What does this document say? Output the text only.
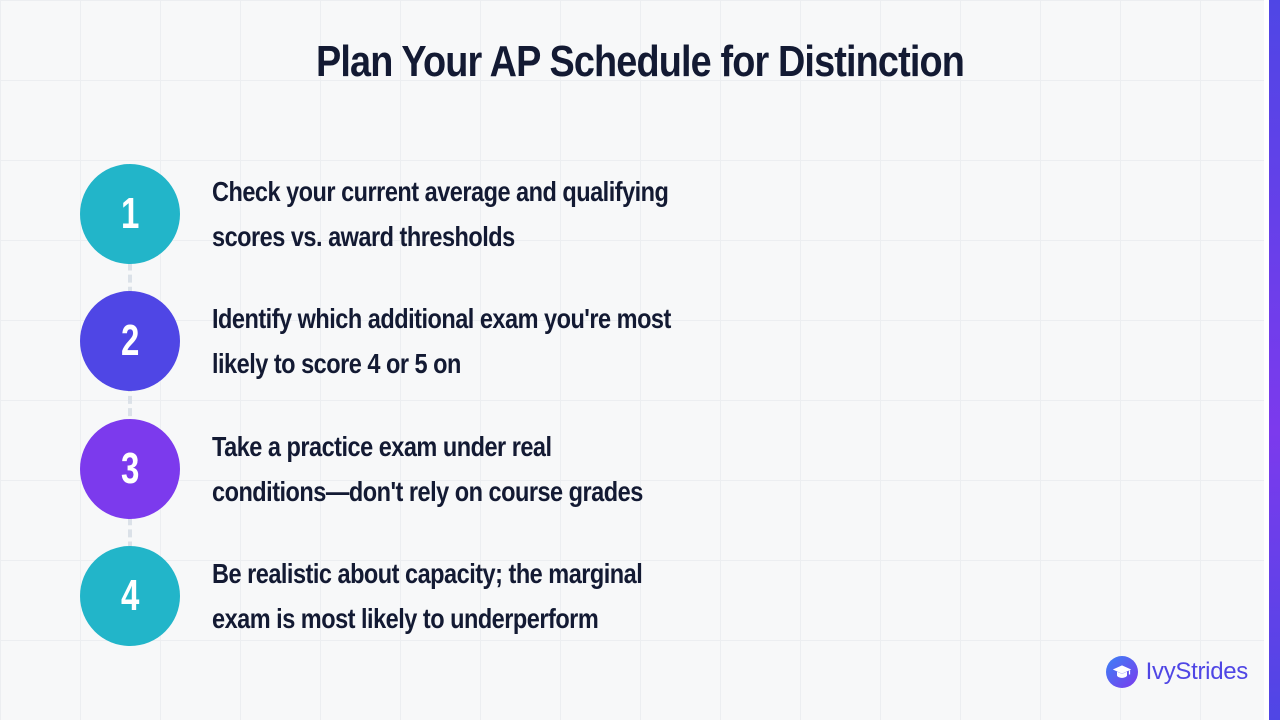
Plan Your AP Schedule for Distinction
1	Check your current average and qualifying
scores vs. award thresholds

2	Identify which additional exam you're most
likely to score 4 or 5 on

3	Take a practice exam under real
conditions—don't rely on course grades

4	Be realistic about capacity; the marginal
exam is most likely to underperform

IvyStrides
